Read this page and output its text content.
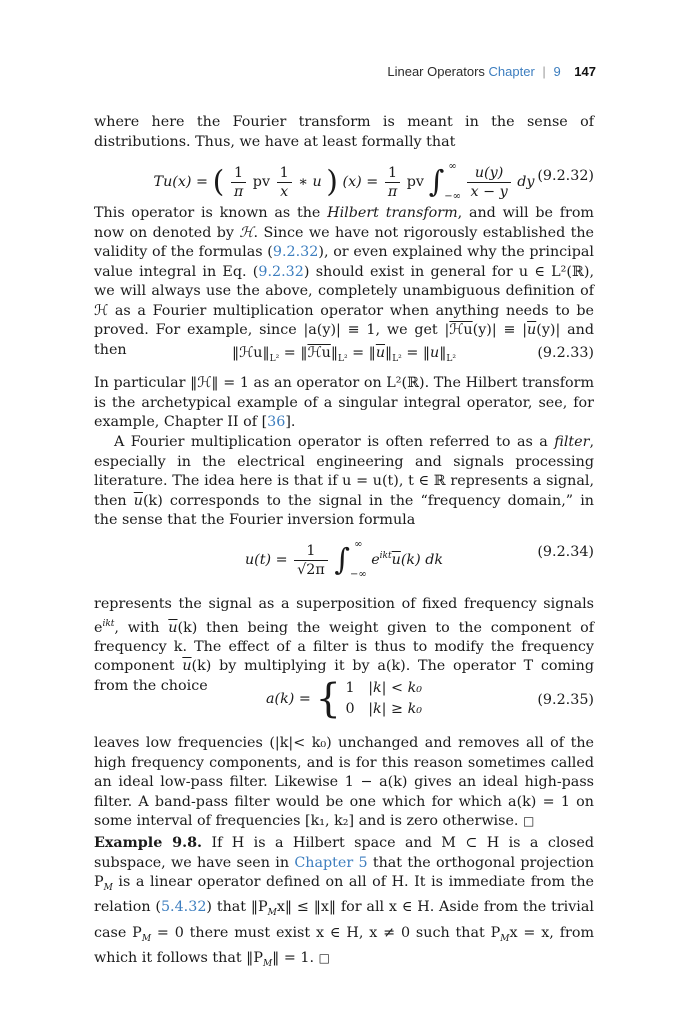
Linear Operators Chapter | 9 147
where here the Fourier transform is meant in the sense of distributions. Thus, we have at least formally that
Tu(x) = ( $\frac{1}{\pi}$ pv $\frac{1}{x}$ ∗ u ) $(x) = \frac{1}{\pi}$ pv ∫ ∞
−∞
$\frac{u(y)}{x - y}$ dy (9.2.32)
This operator is known as the Hilbert transform, and will be from now on denoted by ℋ. Since we have not rigorously established the validity of the formulas (9.2.32), or even explained why the principal value integral in Eq. (9.2.32) should exist in general for u ∈ L²(ℝ), we will always use the above, completely unambiguous definition of ℋ as a Fourier multiplication operator when anything needs to be proved. For example, since |a(y)| ≡ 1, we get |ℋu(y)| ≡ $|\overline{u}(y)|$ and then	$‖ℋu‖_{L^2}$ = $‖ℋu‖_{L^2}$ = $‖\overline{u}‖_{L^2}$ = $‖u‖_{L^2}$	(9.2.33)
In particular ‖ℋ‖ = 1 as an operator on L²(ℝ). The Hilbert transform is the archetypical example of a singular integral operator, see, for example, Chapter II of [36].
A Fourier multiplication operator is often referred to as a filter, especially in the electrical engineering and signals processing literature. The idea here is that if u = u(t), t ∈ ℝ represents a signal, then $\overline{u}(k)$ corresponds to the signal in the “frequency domain,” in the sense that the Fourier inversion formula
$u(t) = \frac{1}{√2\pi}$ ∫ ∞
−∞
$e^{ikt}\overline{u}(k)$ dk	(9.2.34)
represents the signal as a superposition of fixed frequency signals $e^{ikt}$, with $\overline{u}(k)$ then being the weight given to the component of frequency k. The effect of a filter is thus to modify the frequency component $\overline{u}(k)$ by multiplying it by a(k). The operator T coming from the choice
a(k) = { 1 |k| < k₀
0 |k| ≥ k₀
(9.2.35)
leaves low frequencies (|k|< k₀) unchanged and removes all of the high frequency components, and is for this reason sometimes called an ideal low-pass filter. Likewise 1 − a(k) gives an ideal high-pass filter. A band-pass filter would be one which for which a(k) = 1 on some interval of frequencies [k₁, k₂] and is zero otherwise. □
Example 9.8. If H is a Hilbert space and M ⊂ H is a closed subspace, we have seen in Chapter 5 that the orthogonal projection $P_M$ is a linear operator defined on all of H. It is immediate from the relation (5.4.32) that $‖P_Mx‖$ ≤ ‖x‖ for all x ∈ H. Aside from the trivial case $P_M = 0$ there must exist x ∈ H, x ≠ 0 such that $P_Mx = x$, from which it follows that $‖P_M‖ = 1$. □
